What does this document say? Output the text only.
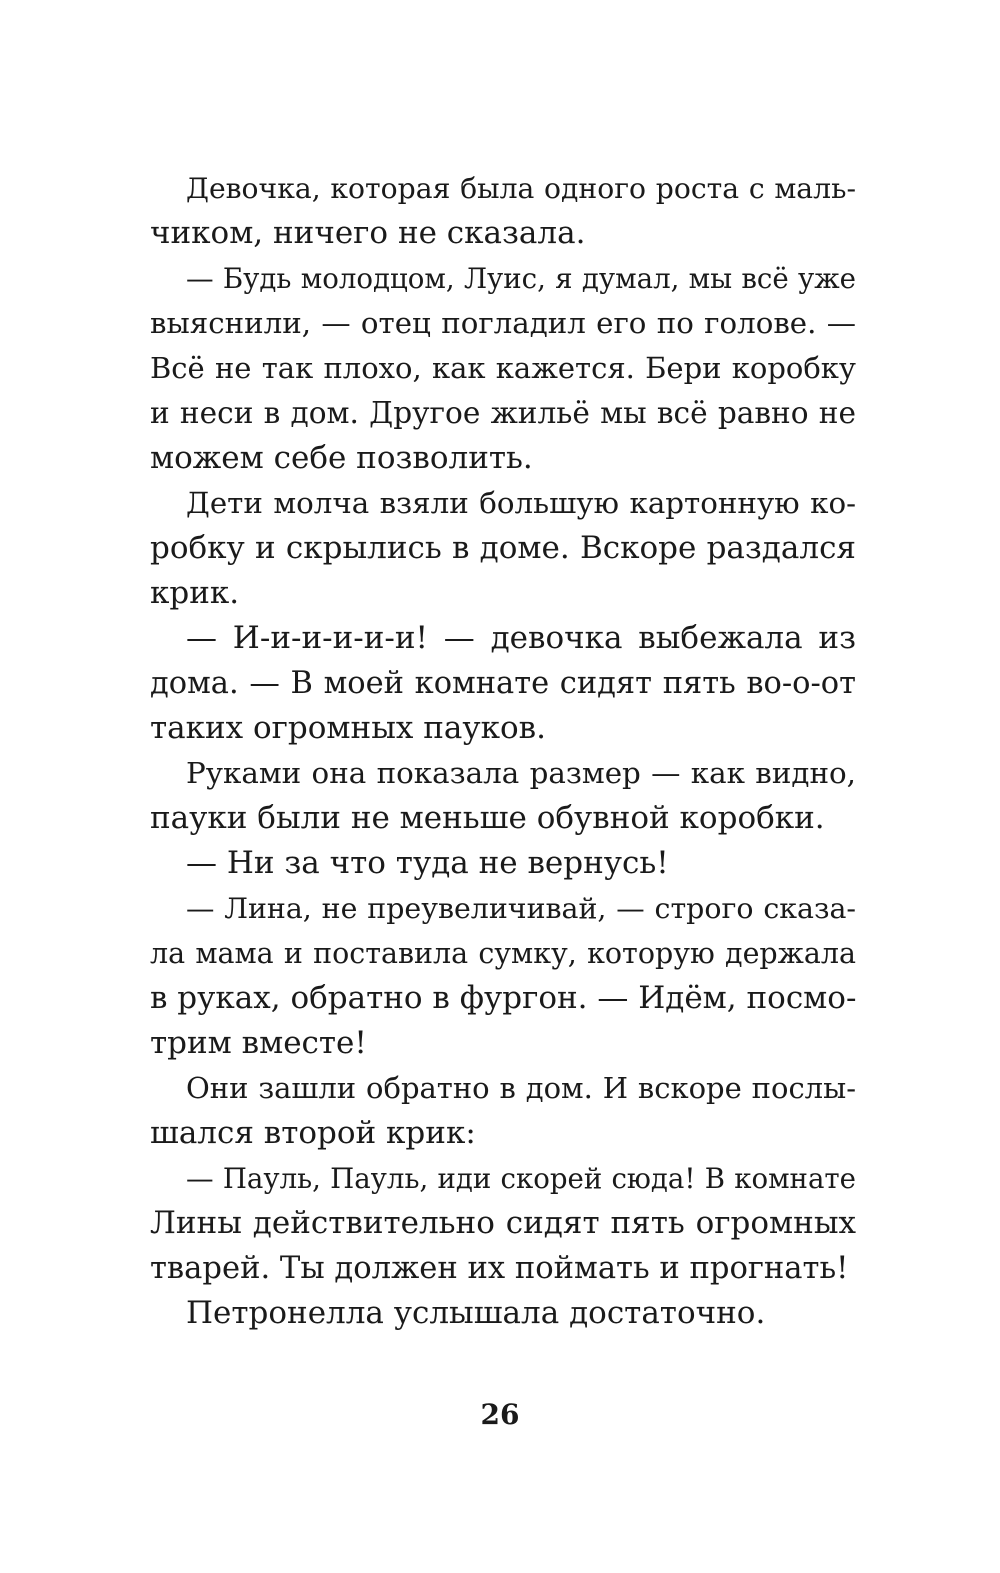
Девочка, которая была одного роста с маль-
чиком, ничего не сказала.
— Будь молодцом, Луис, я думал, мы всё уже
выяснили, — отец погладил его по голове. —
Всё не так плохо, как кажется. Бери коробку
и неси в дом. Другое жильё мы всё равно не
можем себе позволить.
Дети молча взяли большую картонную ко-
робку и скрылись в доме. Вскоре раздался
крик.
— И-и-и-и-и-и! — девочка выбежала из
дома. — В моей комнате сидят пять во-о-от
таких огромных пауков.
Руками она показала размер — как видно,
пауки были не меньше обувной коробки.
— Ни за что туда не вернусь!
— Лина, не преувеличивай, — строго сказа-
ла мама и поставила сумку, которую держала
в руках, обратно в фургон. — Идём, посмо-
трим вместе!
Они зашли обратно в дом. И вскоре послы-
шался второй крик:
— Пауль, Пауль, иди скорей сюда! В комнате
Лины действительно сидят пять огромных
тварей. Ты должен их поймать и прогнать!
Петронелла услышала достаточно.
26
